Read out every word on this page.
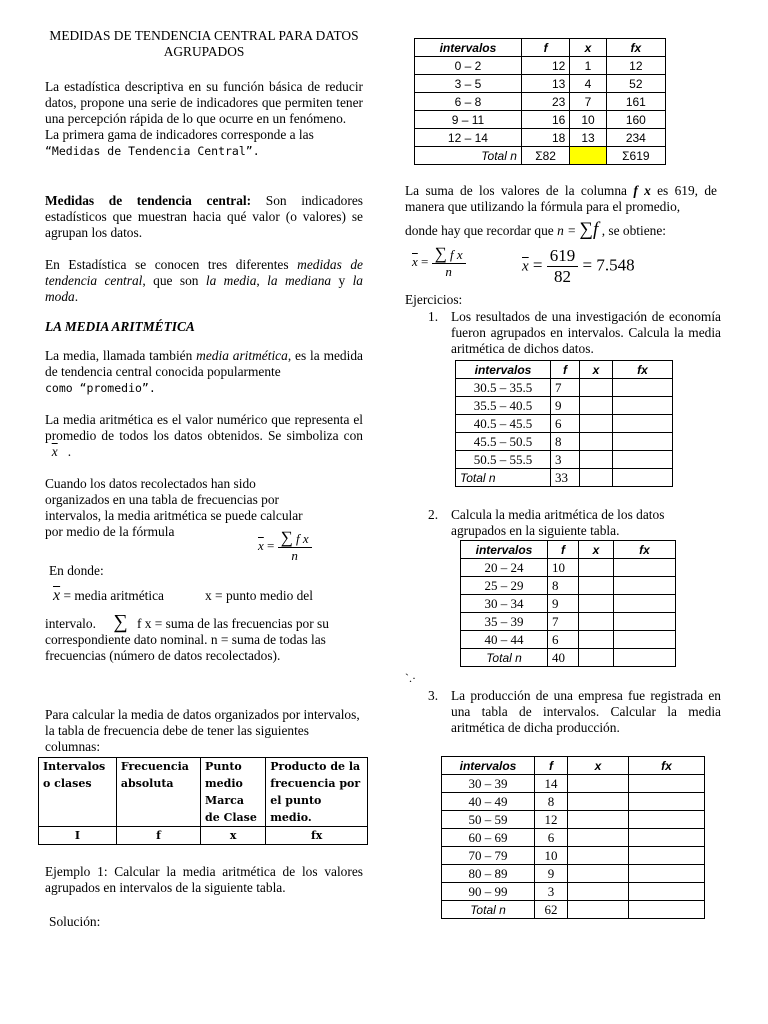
MEDIDAS DE TENDENCIA CENTRAL PARA DATOS AGRUPADOS

La estadística descriptiva en su función básica de reducir datos, propone una serie de indicadores que permiten tener una percepción rápida de lo que ocurre en un fenómeno.

La primera gama de indicadores corresponde a las
“Medidas de Tendencia Central”.

Medidas de tendencia central: Son indicadores estadísticos que muestran hacia qué valor (o valores) se agrupan los datos.
En Estadística se conocen tres diferentes medidas de tendencia central, que son la media, la mediana y la moda.
LA MEDIA ARITMÉTICA
La media, llamada también media aritmética, es la medida de tendencia central conocida popularmente
como “promedio”.
La media aritmética es el valor numérico que representa el promedio de todos los datos obtenidos. Se simboliza con   $\overline{x}$ .
Cuando los datos recolectados han sido organizados en una tabla de frecuencias por intervalos, la media aritmética se puede calcular por medio de la fórmula
$\overline{x} = \frac{\text{∑ f x}}{n}$
En donde:
$\overline{x}$ = media aritmética	x = punto medio del
intervalo. ∑ f x = suma de las frecuencias por su correspondiente dato nominal. n = suma de todas las frecuencias (número de datos recolectados).
Para calcular la media de datos organizados por intervalos, la tabla de frecuencia debe de tener las siguientes columnas:
Intervalos o clases	Frecuencia absoluta	Punto medio Marca de Clase	Producto de la frecuencia por el punto medio.
I	f	x	fx
Ejemplo 1: Calcular la media aritmética de los valores agrupados en intervalos de la siguiente tabla.
Solución:
intervalos	f	x	fx
0 – 2	12	1	12
3 – 5	13	4	52
6 – 8	23	7	161
9 – 11	16	10	160
12 – 14	18	13	234
Total n	Σ82		Σ619
La suma de los valores de la columna f x es 619, de manera que utilizando la fórmula para el promedio,
donde hay que recordar que n = ∑f , se obtiene:
$\overline{x} = \frac{\text{∑ f x}}{n}$	$\overline{x} = \frac{619}{82} = 7.548$
Ejercicios:
1. Los resultados de una investigación de economía fueron agrupados en intervalos. Calcula la media aritmética de dichos datos.
intervalos	f	x	fx
30.5 – 35.5	7		
35.5 – 40.5	9		
40.5 – 45.5	6		
45.5 – 50.5	8		
50.5 – 55.5	3		
Total n	33		
2. Calcula la media aritmética de los datos agrupados en la siguiente tabla.
intervalos	f	x	fx
20 – 24	10		
25 – 29	8		
30 – 34	9		
35 – 39	7		
40 – 44	6		
Total n	40		
`.·
3. La producción de una empresa fue registrada en una tabla de intervalos. Calcular la media aritmética de dicha producción.
intervalos	f	x	fx
30 – 39	14		
40 – 49	8		
50 – 59	12		
60 – 69	6		
70 – 79	10		
80 – 89	9		
90 – 99	3		
Total n	62		
